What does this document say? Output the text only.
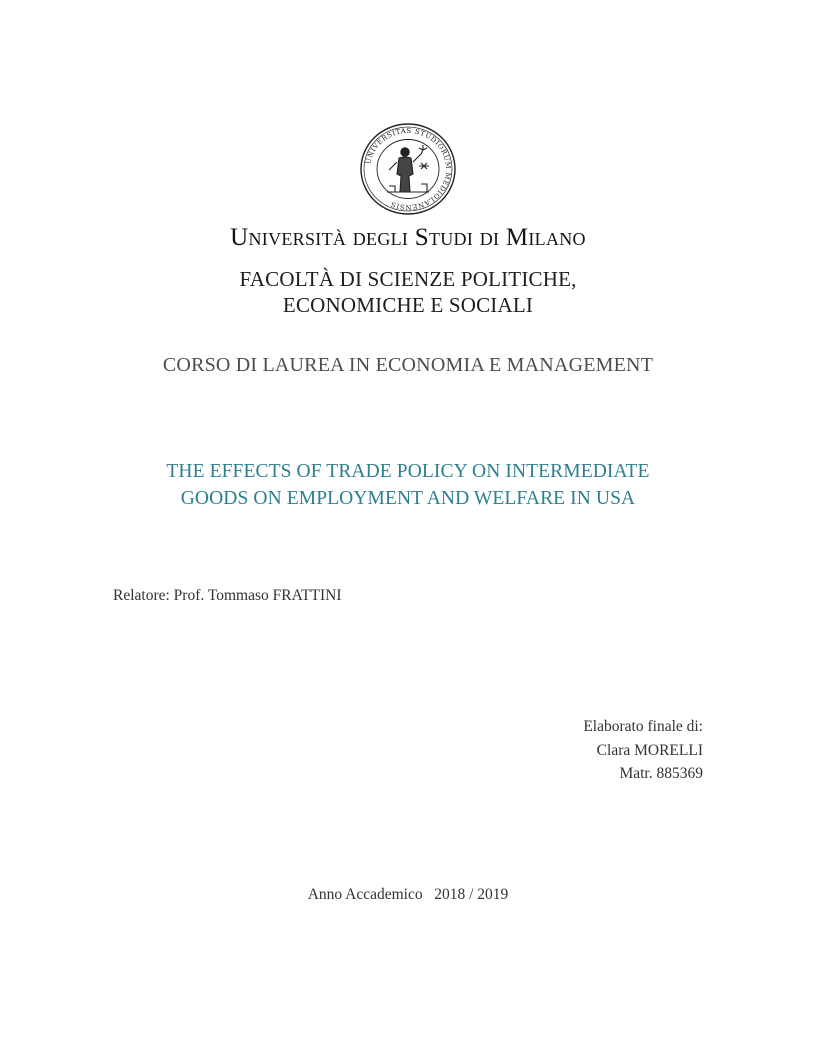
UNIVERSITAS STUDIORUM MEDIOLANENSIS
Università degli Studi di Milano
FACOLTÀ DI SCIENZE POLITICHE,
ECONOMICHE E SOCIALI
CORSO DI LAUREA IN ECONOMIA E MANAGEMENT
THE EFFECTS OF TRADE POLICY ON INTERMEDIATE
GOODS ON EMPLOYMENT AND WELFARE IN USA
Relatore: Prof. Tommaso FRATTINI
Elaborato finale di:
Clara MORELLI
Matr. 885369
Anno Accademico   2018 / 2019
